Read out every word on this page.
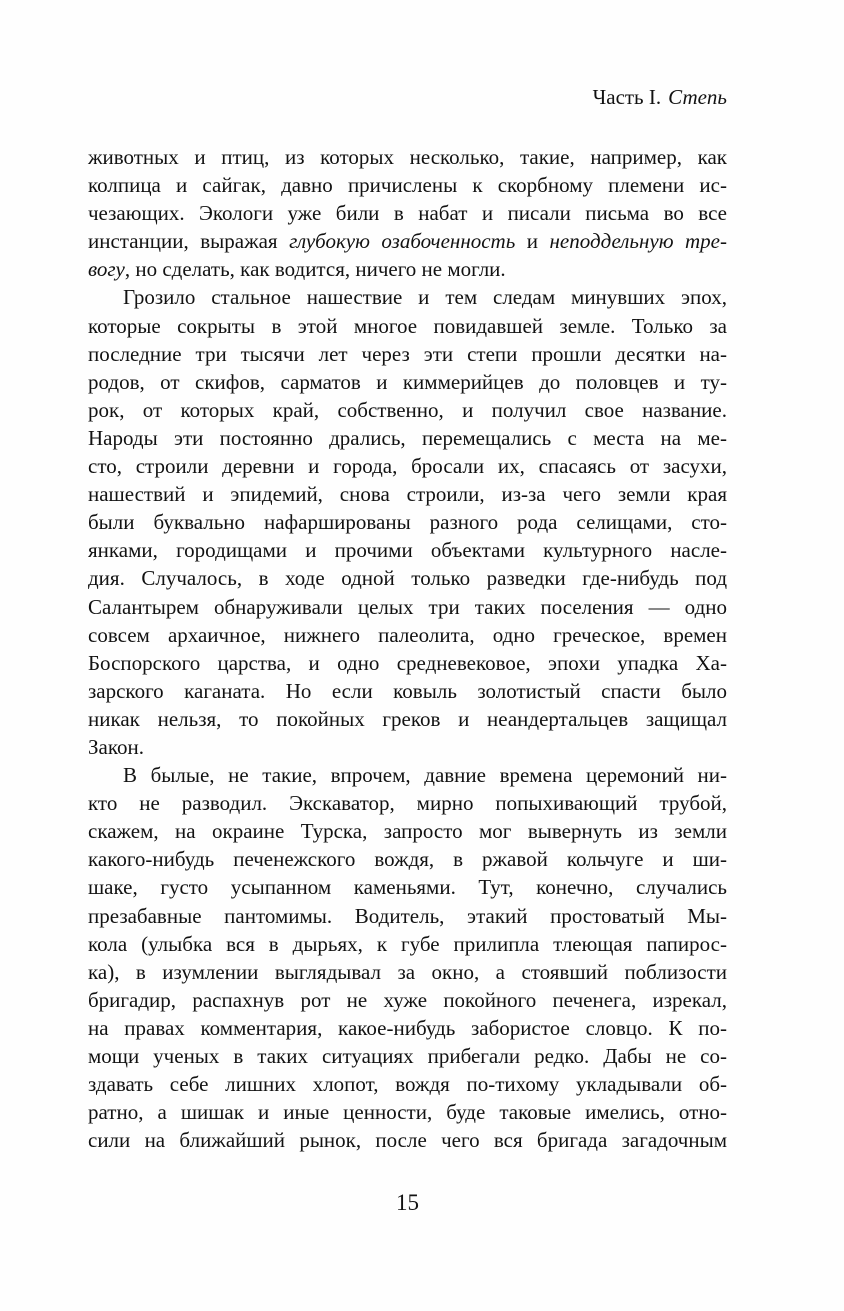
Часть I. Степь
животных и птиц, из которых несколько, такие, например, как
колпица и сайгак, давно причислены к скорбному племени ис-
чезающих. Экологи уже били в набат и писали письма во все
инстанции, выражая глубокую озабоченность и неподдельную тре-
вогу, но сделать, как водится, ничего не могли.
Грозило стальное нашествие и тем следам минувших эпох,
которые сокрыты в этой многое повидавшей земле. Только за
последние три тысячи лет через эти степи прошли десятки на-
родов, от скифов, сарматов и киммерийцев до половцев и ту-
рок, от которых край, собственно, и получил свое название.
Народы эти постоянно дрались, перемещались с места на ме-
сто, строили деревни и города, бросали их, спасаясь от засухи,
нашествий и эпидемий, снова строили, из-за чего земли края
были буквально нафаршированы разного рода селищами, сто-
янками, городищами и прочими объектами культурного насле-
дия. Случалось, в ходе одной только разведки где-нибудь под
Салантырем обнаруживали целых три таких поселения — одно
совсем архаичное, нижнего палеолита, одно греческое, времен
Боспорского царства, и одно средневековое, эпохи упадка Ха-
зарского каганата. Но если ковыль золотистый спасти было
никак нельзя, то покойных греков и неандертальцев защищал
Закон.
В былые, не такие, впрочем, давние времена церемоний ни-
кто не разводил. Экскаватор, мирно попыхивающий трубой,
скажем, на окраине Турска, запросто мог вывернуть из земли
какого-нибудь печенежского вождя, в ржавой кольчуге и ши-
шаке, густо усыпанном каменьями. Тут, конечно, случались
презабавные пантомимы. Водитель, этакий простоватый Мы-
кола (улыбка вся в дырьях, к губе прилипла тлеющая папирос-
ка), в изумлении выглядывал за окно, а стоявший поблизости
бригадир, распахнув рот не хуже покойного печенега, изрекал,
на правах комментария, какое-нибудь забористое словцо. К по-
мощи ученых в таких ситуациях прибегали редко. Дабы не со-
здавать себе лишних хлопот, вождя по-тихому укладывали об-
ратно, а шишак и иные ценности, буде таковые имелись, отно-
сили на ближайший рынок, после чего вся бригада загадочным
15
